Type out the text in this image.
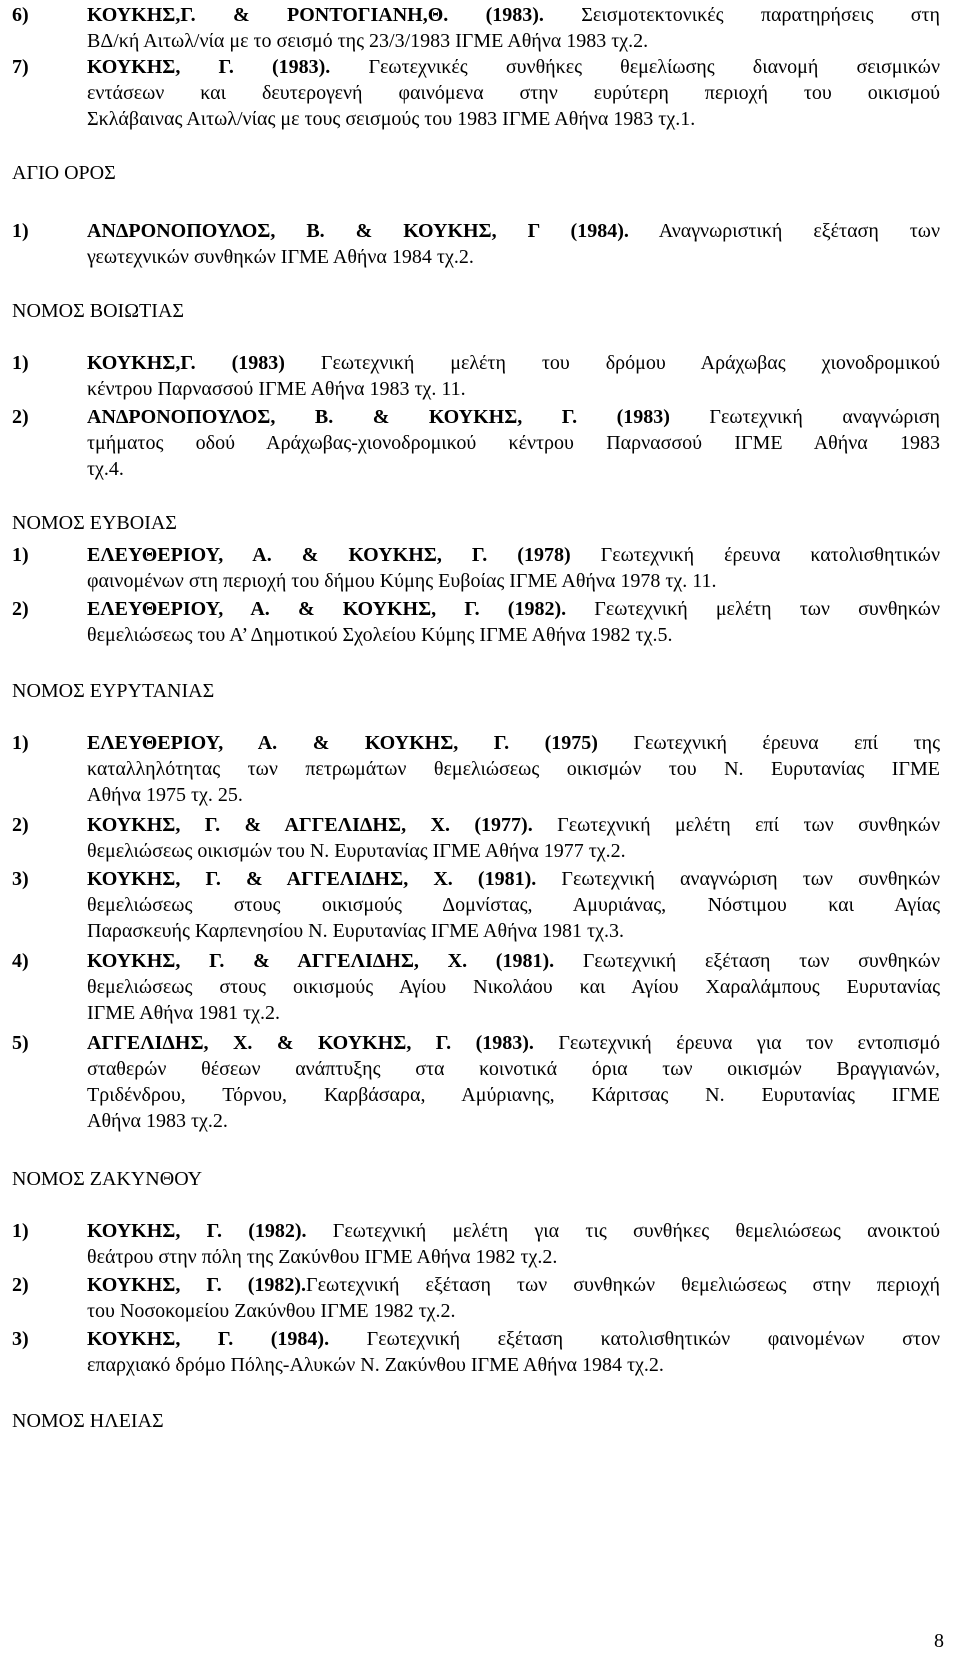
6)	ΚΟΥΚΗΣ,Γ. & ΡΟΝΤΟΓΙΑΝΗ,Θ. (1983). Σεισμοτεκτονικές παρατηρήσεις στη
ΒΔ/κή Αιτωλ/νία με το σεισμό της 23/3/1983 ΙΓΜΕ Αθήνα 1983 τχ.2.
7)	ΚΟΥΚΗΣ, Γ. (1983). Γεωτεχνικές συνθήκες θεμελίωσης διανομή σεισμικών
εντάσεων και δευτερογενή φαινόμενα στην ευρύτερη περιοχή του οικισμού
Σκλάβαινας Αιτωλ/νίας με τους σεισμούς του 1983 ΙΓΜΕ Αθήνα 1983 τχ.1.
ΑΓΙΟ ΟΡΟΣ
1)	ΑΝΔΡΟΝΟΠΟΥΛΟΣ, Β. & ΚΟΥΚΗΣ, Γ (1984). Αναγνωριστική εξέταση των
γεωτεχνικών συνθηκών ΙΓΜΕ Αθήνα 1984 τχ.2.
ΝΟΜΟΣ ΒΟΙΩΤΙΑΣ
1)	ΚΟΥΚΗΣ,Γ. (1983) Γεωτεχνική μελέτη του δρόμου Αράχωβας χιονοδρομικού
κέντρου Παρνασσού ΙΓΜΕ Αθήνα 1983 τχ. 11.
2)	ΑΝΔΡΟΝΟΠΟΥΛΟΣ, Β. & ΚΟΥΚΗΣ, Γ. (1983) Γεωτεχνική αναγνώριση
τμήματος οδού Αράχωβας-χιονοδρομικού κέντρου Παρνασσού ΙΓΜΕ Αθήνα 1983
τχ.4.
ΝΟΜΟΣ ΕΥΒΟΙΑΣ
1)	ΕΛΕΥΘΕΡΙΟΥ, Α. & ΚΟΥΚΗΣ, Γ. (1978) Γεωτεχνική έρευνα κατολισθητικών
φαινομένων στη περιοχή του δήμου Κύμης Ευβοίας ΙΓΜΕ Αθήνα 1978 τχ. 11.
2)	ΕΛΕΥΘΕΡΙΟΥ, Α. & ΚΟΥΚΗΣ, Γ. (1982). Γεωτεχνική μελέτη των συνθηκών
θεμελιώσεως του Α’ Δημοτικού Σχολείου Κύμης ΙΓΜΕ Αθήνα 1982 τχ.5.
ΝΟΜΟΣ ΕΥΡΥΤΑΝΙΑΣ
1)	ΕΛΕΥΘΕΡΙΟΥ, Α. & ΚΟΥΚΗΣ, Γ. (1975) Γεωτεχνική έρευνα επί της
καταλληλότητας των πετρωμάτων θεμελιώσεως οικισμών του Ν. Ευρυτανίας ΙΓΜΕ
Αθήνα 1975 τχ. 25.
2)	ΚΟΥΚΗΣ, Γ. & ΑΓΓΕΛΙΔΗΣ, Χ. (1977). Γεωτεχνική μελέτη επί των συνθηκών
θεμελιώσεως οικισμών του Ν. Ευρυτανίας ΙΓΜΕ Αθήνα 1977 τχ.2.
3)	ΚΟΥΚΗΣ, Γ. & ΑΓΓΕΛΙΔΗΣ, Χ. (1981). Γεωτεχνική αναγνώριση των συνθηκών
θεμελιώσεως στους οικισμούς Δομνίστας, Αμυριάνας, Νόστιμου και Αγίας
Παρασκευής Καρπενησίου Ν. Ευρυτανίας ΙΓΜΕ Αθήνα 1981 τχ.3.
4)	ΚΟΥΚΗΣ, Γ. & ΑΓΓΕΛΙΔΗΣ, Χ. (1981). Γεωτεχνική εξέταση των συνθηκών
θεμελιώσεως στους οικισμούς Αγίου Νικολάου και Αγίου Χαραλάμπους Ευρυτανίας
ΙΓΜΕ Αθήνα 1981 τχ.2.
5)	ΑΓΓΕΛΙΔΗΣ, Χ. & ΚΟΥΚΗΣ, Γ. (1983). Γεωτεχνική έρευνα για τον εντοπισμό
σταθερών θέσεων ανάπτυξης στα κοινοτικά όρια των οικισμών Βραγγιανών,
Τριδένδρου, Τόρνου, Καρβάσαρα, Αμύριανης, Κάριτσας Ν. Ευρυτανίας ΙΓΜΕ
Αθήνα 1983 τχ.2.
ΝΟΜΟΣ ΖΑΚΥΝΘΟΥ
1)	ΚΟΥΚΗΣ, Γ. (1982). Γεωτεχνική μελέτη για τις συνθήκες θεμελιώσεως ανοικτού
θεάτρου στην πόλη της Ζακύνθου ΙΓΜΕ Αθήνα 1982 τχ.2.
2)	ΚΟΥΚΗΣ, Γ. (1982).Γεωτεχνική εξέταση των συνθηκών θεμελιώσεως στην περιοχή
του Νοσοκομείου Ζακύνθου ΙΓΜΕ 1982 τχ.2.
3)	ΚΟΥΚΗΣ, Γ. (1984). Γεωτεχνική εξέταση κατολισθητικών φαινομένων στον
επαρχιακό δρόμο Πόλης-Αλυκών Ν. Ζακύνθου ΙΓΜΕ Αθήνα 1984 τχ.2.
ΝΟΜΟΣ ΗΛΕΙΑΣ
8
